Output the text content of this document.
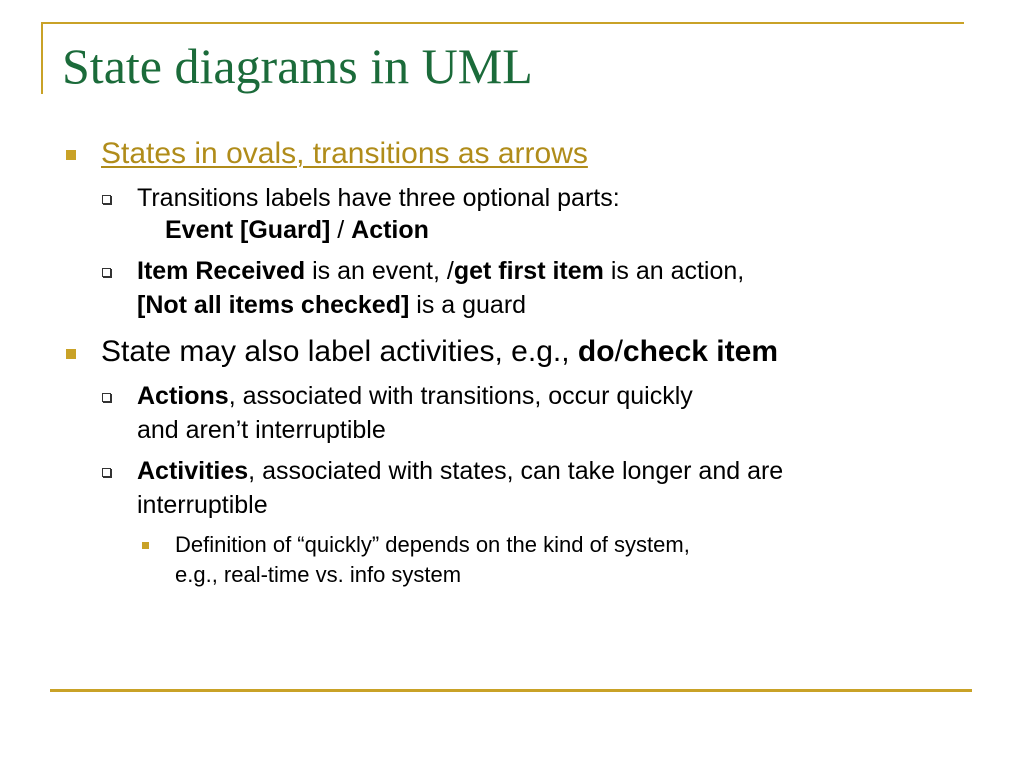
State diagrams in UML
States in ovals, transitions as arrows
Transitions labels have three optional parts:
Event [Guard] / Action
Item Received is an event, /get first item is an action,
[Not all items checked] is a guard
State may also label activities, e.g., do/check item
Actions, associated with transitions, occur quickly
and aren’t interruptible
Activities, associated with states, can take longer and are
interruptible
Definition of “quickly” depends on the kind of system,
e.g., real-time vs. info system
